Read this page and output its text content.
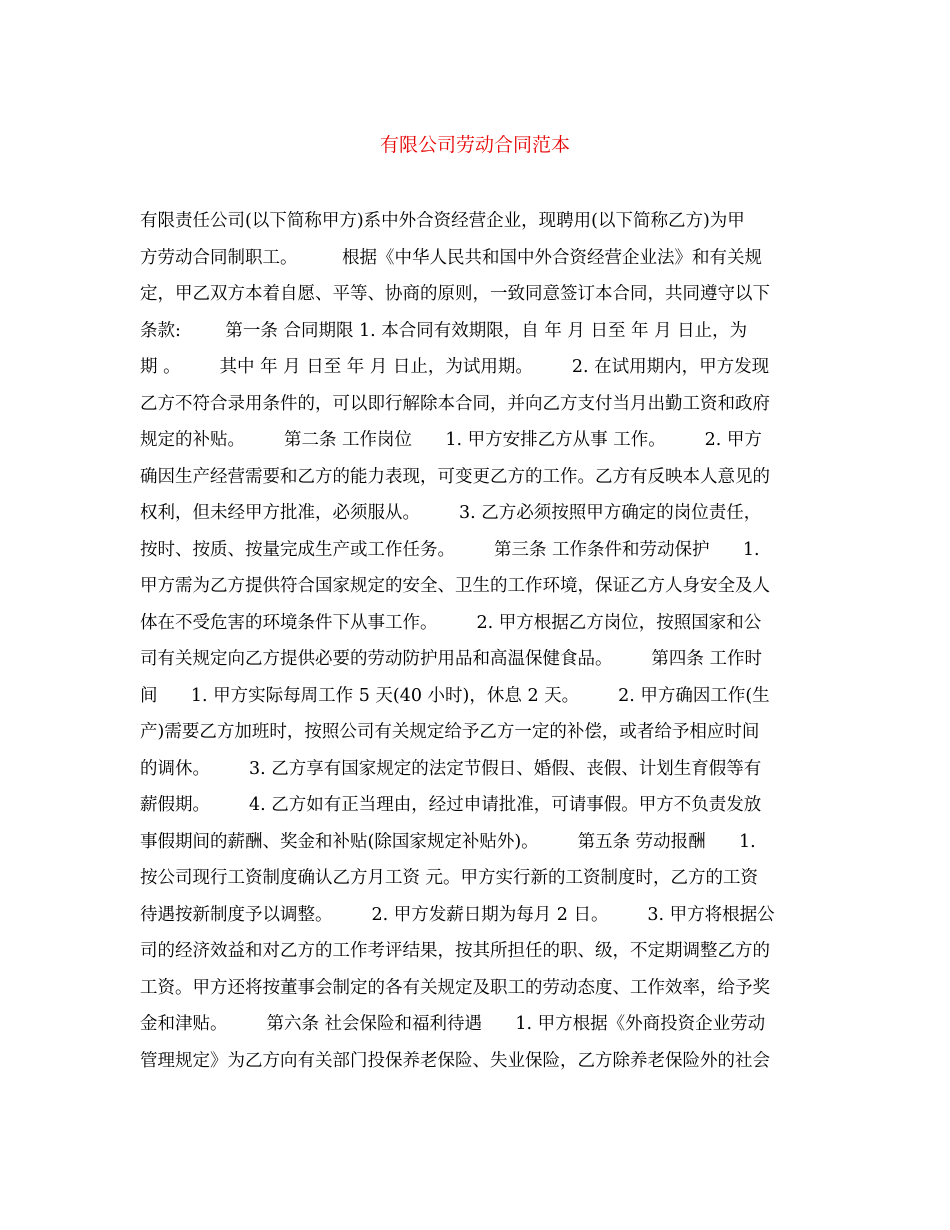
有限公司劳动合同范本
有限责任公司(以下简称甲方)系中外合资经营企业，现聘用(以下简称乙方)为甲
方劳动合同制职工。        根据《中华人民共和国中外合资经营企业法》和有关规
定，甲乙双方本着自愿、平等、协商的原则，一致同意签订本合同，共同遵守以下
条款:        第一条 合同期限 1. 本合同有效期限，自 年 月 日至 年 月 日止，为
期 。       其中 年 月 日至 年 月 日止，为试用期。       2. 在试用期内，甲方发现
乙方不符合录用条件的，可以即行解除本合同，并向乙方支付当月出勤工资和政府
规定的补贴。       第二条 工作岗位      1. 甲方安排乙方从事 工作。       2. 甲方
确因生产经营需要和乙方的能力表现，可变更乙方的工作。乙方有反映本人意见的
权利，但未经甲方批准，必须服从。       3. 乙方必须按照甲方确定的岗位责任，
按时、按质、按量完成生产或工作任务。       第三条 工作条件和劳动保护      1.
甲方需为乙方提供符合国家规定的安全、卫生的工作环境，保证乙方人身安全及人
体在不受危害的环境条件下从事工作。       2. 甲方根据乙方岗位，按照国家和公
司有关规定向乙方提供必要的劳动防护用品和高温保健食品。       第四条 工作时
间      1. 甲方实际每周工作 5 天(40 小时)，休息 2 天。       2. 甲方确因工作(生
产)需要乙方加班时，按照公司有关规定给予乙方一定的补偿，或者给予相应时间
的调休。       3. 乙方享有国家规定的法定节假日、婚假、丧假、计划生育假等有
薪假期。       4. 乙方如有正当理由，经过申请批准，可请事假。甲方不负责发放
事假期间的薪酬、奖金和补贴(除国家规定补贴外)。       第五条 劳动报酬      1.
按公司现行工资制度确认乙方月工资 元。甲方实行新的工资制度时，乙方的工资
待遇按新制度予以调整。       2. 甲方发薪日期为每月 2 日。       3. 甲方将根据公
司的经济效益和对乙方的工作考评结果，按其所担任的职、级，不定期调整乙方的
工资。甲方还将按董事会制定的各有关规定及职工的劳动态度、工作效率，给予奖
金和津贴。       第六条 社会保险和福利待遇      1. 甲方根据《外商投资企业劳动
管理规定》为乙方向有关部门投保养老保险、失业保险，乙方除养老保险外的社会
